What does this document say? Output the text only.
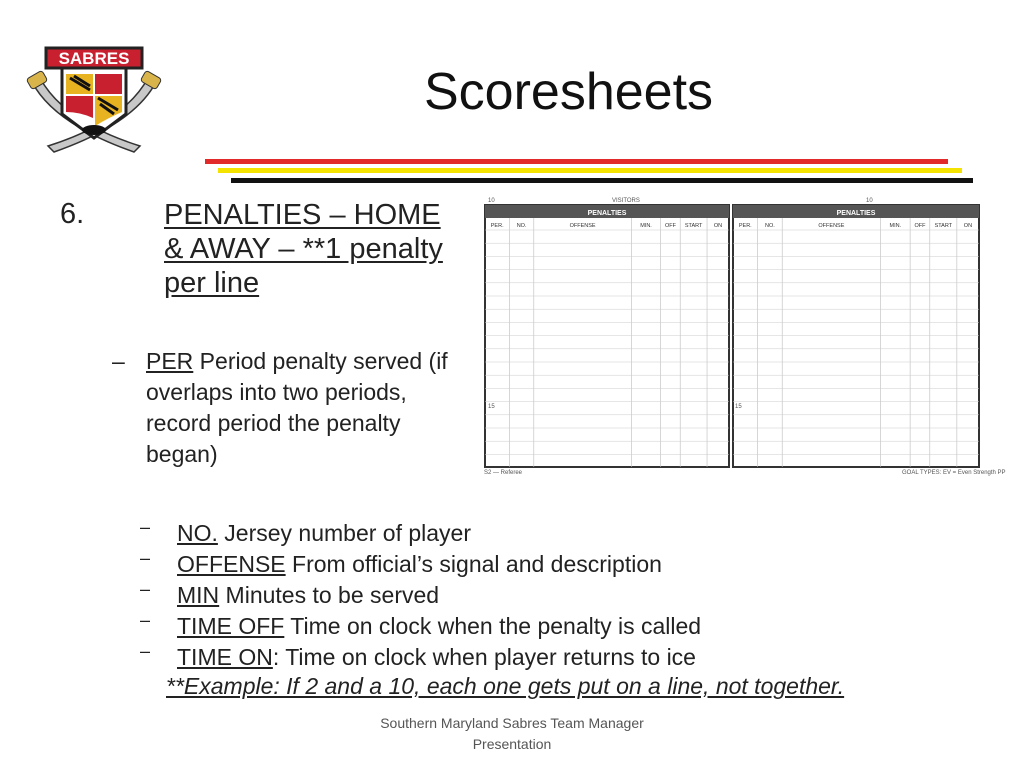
SABRES
Scoresheets
6.	PENALTIES – HOME & AWAY – **1 penalty per line
– PER Period penalty served (if overlaps into two periods, record period the penalty began)
10	VISITORS	10
PENALTIES	PENALTIES
PER. NO.	OFFENSE	MIN. OFF START ON	PER. NO.	OFFENSE	MIN. OFF START ON
15	15
S2 — Referee	GOAL TYPES: EV = Even Strength PP
‒ NO. Jersey number of player
‒ OFFENSE From official’s signal and description
‒ MIN Minutes to be served
‒ TIME OFF Time on clock when the penalty is called
‒ TIME ON: Time on clock when player returns to ice
**Example: If 2 and a 10, each one gets put on a line, not together.
Southern Maryland Sabres Team Manager Presentation
